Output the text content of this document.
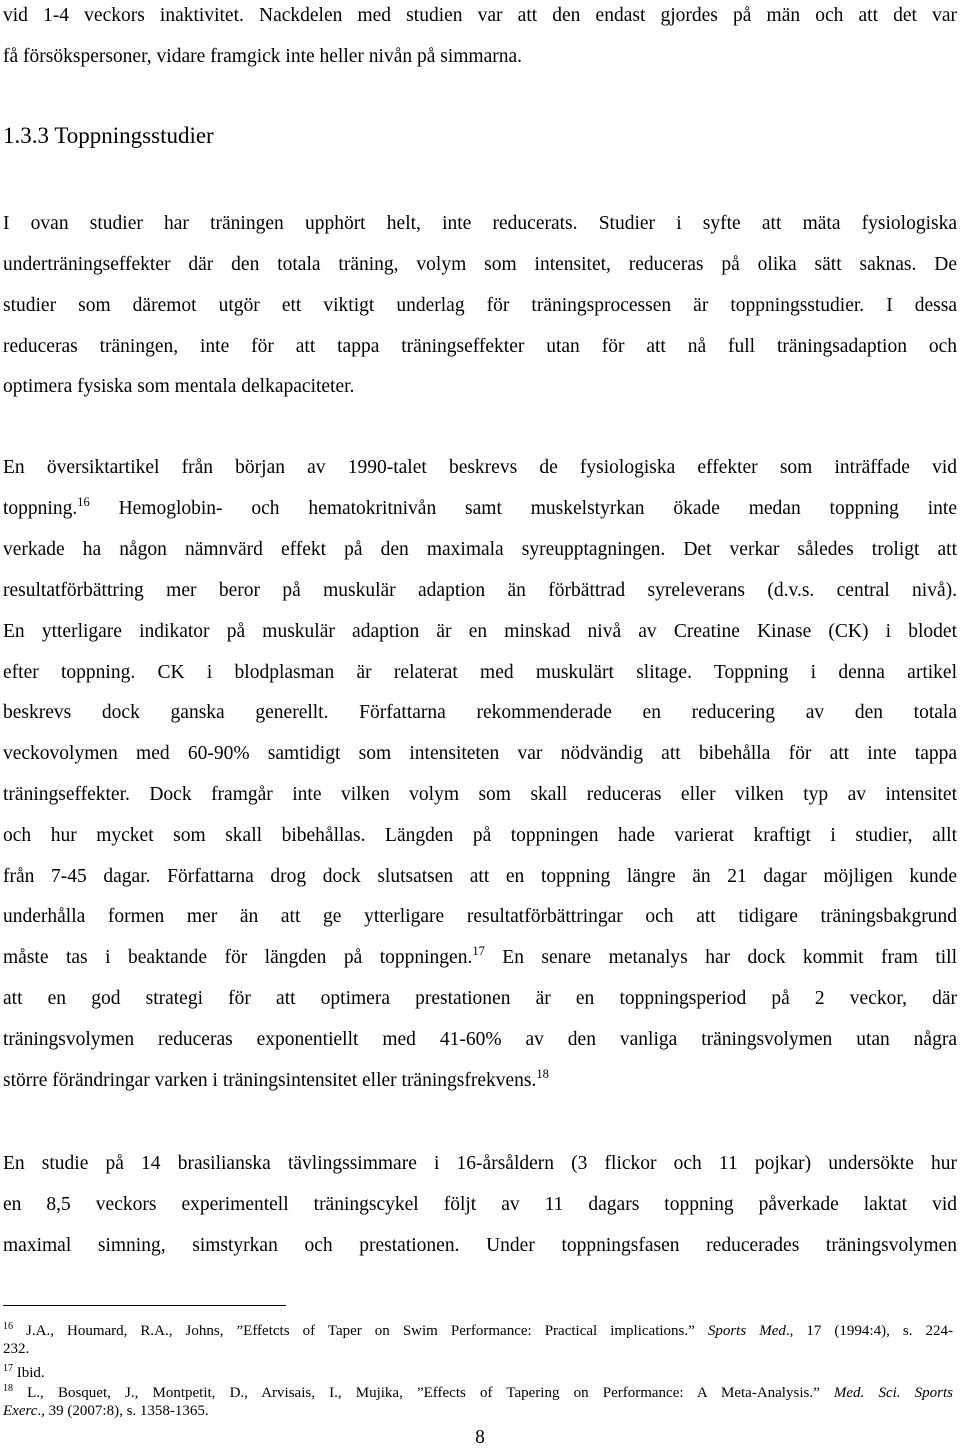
vid 1-4 veckors inaktivitet. Nackdelen med studien var att den endast gjordes på män och att det var
få försökspersoner, vidare framgick inte heller nivån på simmarna.
1.3.3 Toppningsstudier
I ovan studier har träningen upphört helt, inte reducerats. Studier i syfte att mäta fysiologiska
underträningseffekter där den totala träning, volym som intensitet, reduceras på olika sätt saknas. De
studier som däremot utgör ett viktigt underlag för träningsprocessen är toppningsstudier. I dessa
reduceras träningen, inte för att tappa träningseffekter utan för att nå full träningsadaption och
optimera fysiska som mentala delkapaciteter.
En översiktartikel från början av 1990-talet beskrevs de fysiologiska effekter som inträffade vid
toppning.$^{16}$ Hemoglobin- och hematokritnivån samt muskelstyrkan ökade medan toppning inte
verkade ha någon nämnvärd effekt på den maximala syreupptagningen. Det verkar således troligt att
resultatförbättring mer beror på muskulär adaption än förbättrad syreleverans (d.v.s. central nivå).
En ytterligare indikator på muskulär adaption är en minskad nivå av Creatine Kinase (CK) i blodet
efter toppning. CK i blodplasman är relaterat med muskulärt slitage. Toppning i denna artikel
beskrevs dock ganska generellt. Författarna rekommenderade en reducering av den totala
veckovolymen med 60-90% samtidigt som intensiteten var nödvändig att bibehålla för att inte tappa
träningseffekter. Dock framgår inte vilken volym som skall reduceras eller vilken typ av intensitet
och hur mycket som skall bibehållas. Längden på toppningen hade varierat kraftigt i studier, allt
från 7-45 dagar. Författarna drog dock slutsatsen att en toppning längre än 21 dagar möjligen kunde
underhålla formen mer än att ge ytterligare resultatförbättringar och att tidigare träningsbakgrund
måste tas i beaktande för längden på toppningen.$^{17}$ En senare metanalys har dock kommit fram till
att en god strategi för att optimera prestationen är en toppningsperiod på 2 veckor, där
träningsvolymen reduceras exponentiellt med 41-60% av den vanliga träningsvolymen utan några
större förändringar varken i träningsintensitet eller träningsfrekvens.$^{18}$
En studie på 14 brasilianska tävlingssimmare i 16-årsåldern (3 flickor och 11 pojkar) undersökte hur
en 8,5 veckors experimentell träningscykel följt av 11 dagars toppning påverkade laktat vid
maximal simning, simstyrkan och prestationen. Under toppningsfasen reducerades träningsvolymen
$^{16}$ J.A., Houmard, R.A., Johns, ”Effetcts of Taper on Swim Performance: Practical implications.” Sports Med., 17 (1994:4), s. 224-
232.
$^{17}$ Ibid.
$^{18}$ L., Bosquet, J., Montpetit, D., Arvisais, I., Mujika, ”Effects of Tapering on Performance: A Meta-Analysis.” Med. Sci. Sports
Exerc., 39 (2007:8), s. 1358-1365.
8
